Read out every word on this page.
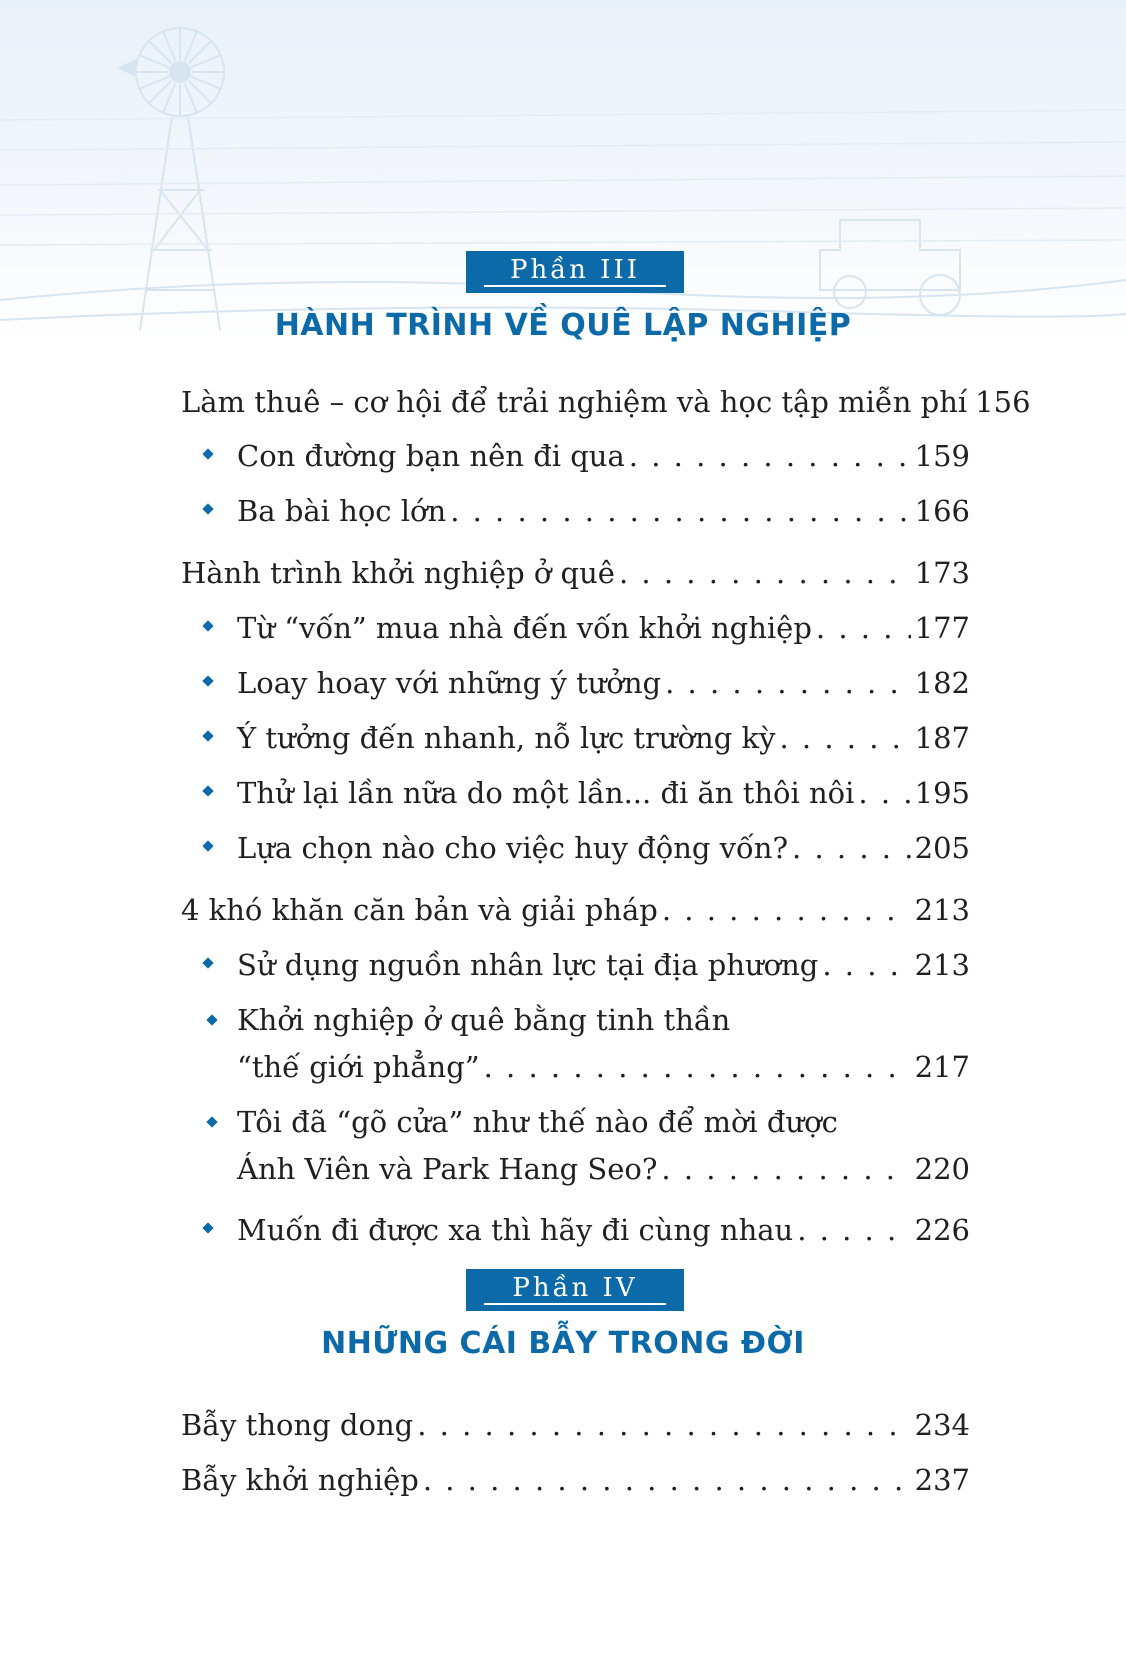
Phần III
HÀNH TRÌNH VỀ QUÊ LẬP NGHIỆP
Làm thuê – cơ hội để trải nghiệm và học tập miễn phí 156
Con đường bạn nên đi qua . . .	159
Ba bài học lớn . . .	166
Hành trình khởi nghiệp ở quê . . .	173
Từ “vốn” mua nhà đến vốn khởi nghiệp . . .	177
Loay hoay với những ý tưởng . . .	182
Ý tưởng đến nhanh, nỗ lực trường kỳ . . .	187
Thử lại lần nữa do một lần... đi ăn thôi nôi . . . 195
Lựa chọn nào cho việc huy động vốn? . . .	205
4 khó khăn căn bản và giải pháp . . .	213
Sử dụng nguồn nhân lực tại địa phương . . .	213
Khởi nghiệp ở quê bằng tinh thần
“thế giới phẳng” . . .	217
Tôi đã “gõ cửa” như thế nào để mời được
Ánh Viên và Park Hang Seo? . . .	220
Muốn đi được xa thì hãy đi cùng nhau . . .	226
Phần IV
NHỮNG CÁI BẪY TRONG ĐỜI
Bẫy thong dong . . .	234
Bẫy khởi nghiệp . . .	237
